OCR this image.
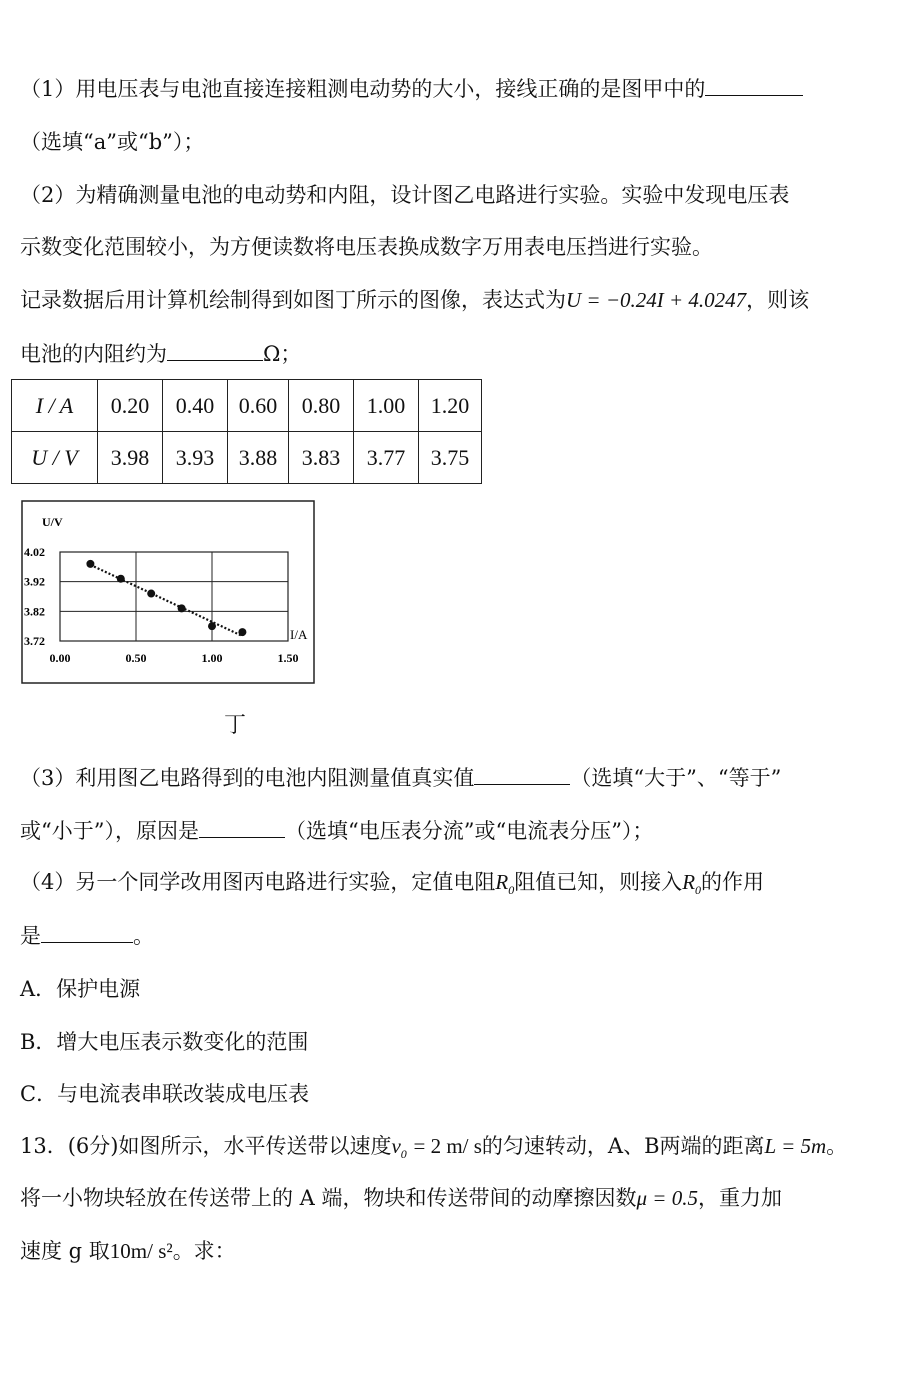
（1）用电压表与电池直接连接粗测电动势的大小，接线正确的是图甲中的
（选填“a”或“b”）；
（2）为精确测量电池的电动势和内阻，设计图乙电路进行实验。实验中发现电压表
示数变化范围较小，为方便读数将电压表换成数字万用表电压挡进行实验。
记录数据后用计算机绘制得到如图丁所示的图像，表达式为U = −0.24I + 4.0247，则该
电池的内阻约为	Ω；
I / A	0.20	0.40	0.60	0.80	1.00	1.20
U / V	3.98	3.93	3.88	3.83	3.77	3.75
4.02
3.92
3.82
3.72
0.00	0.50	1.00	1.50
U/V
I/A
丁
（3）利用图乙电路得到的电池内阻测量值真实值	（选填“大于”、“等于”
或“小于”），原因是	（选填“电压表分流”或“电流表分压”）；
（4）另一个同学改用图丙电路进行实验，定值电阻$R_0$阻值已知，则接入$R_0$的作用
是	。
A．保护电源
B．增大电压表示数变化的范围
C．与电流表串联改装成电压表
13．(6分)如图所示，水平传送带以速度$v_0 = 2$ m/ s的匀速转动，A、B两端的距离L = 5m。
将一小物块轻放在传送带上的 A 端，物块和传送带间的动摩擦因数μ = 0.5，重力加
速度 g 取10m/ s²。求：
